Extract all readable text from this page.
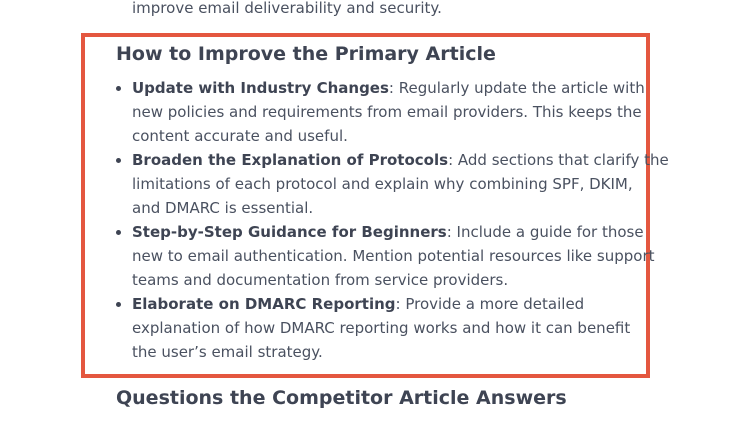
improve email deliverability and security.
How to Improve the Primary Article
Update with Industry Changes: Regularly update the article with
new policies and requirements from email providers. This keeps the
content accurate and useful.
Broaden the Explanation of Protocols: Add sections that clarify the
limitations of each protocol and explain why combining SPF, DKIM,
and DMARC is essential.
Step-by-Step Guidance for Beginners: Include a guide for those
new to email authentication. Mention potential resources like support
teams and documentation from service providers.
Elaborate on DMARC Reporting: Provide a more detailed
explanation of how DMARC reporting works and how it can benefit
the user’s email strategy.
Questions the Competitor Article Answers
